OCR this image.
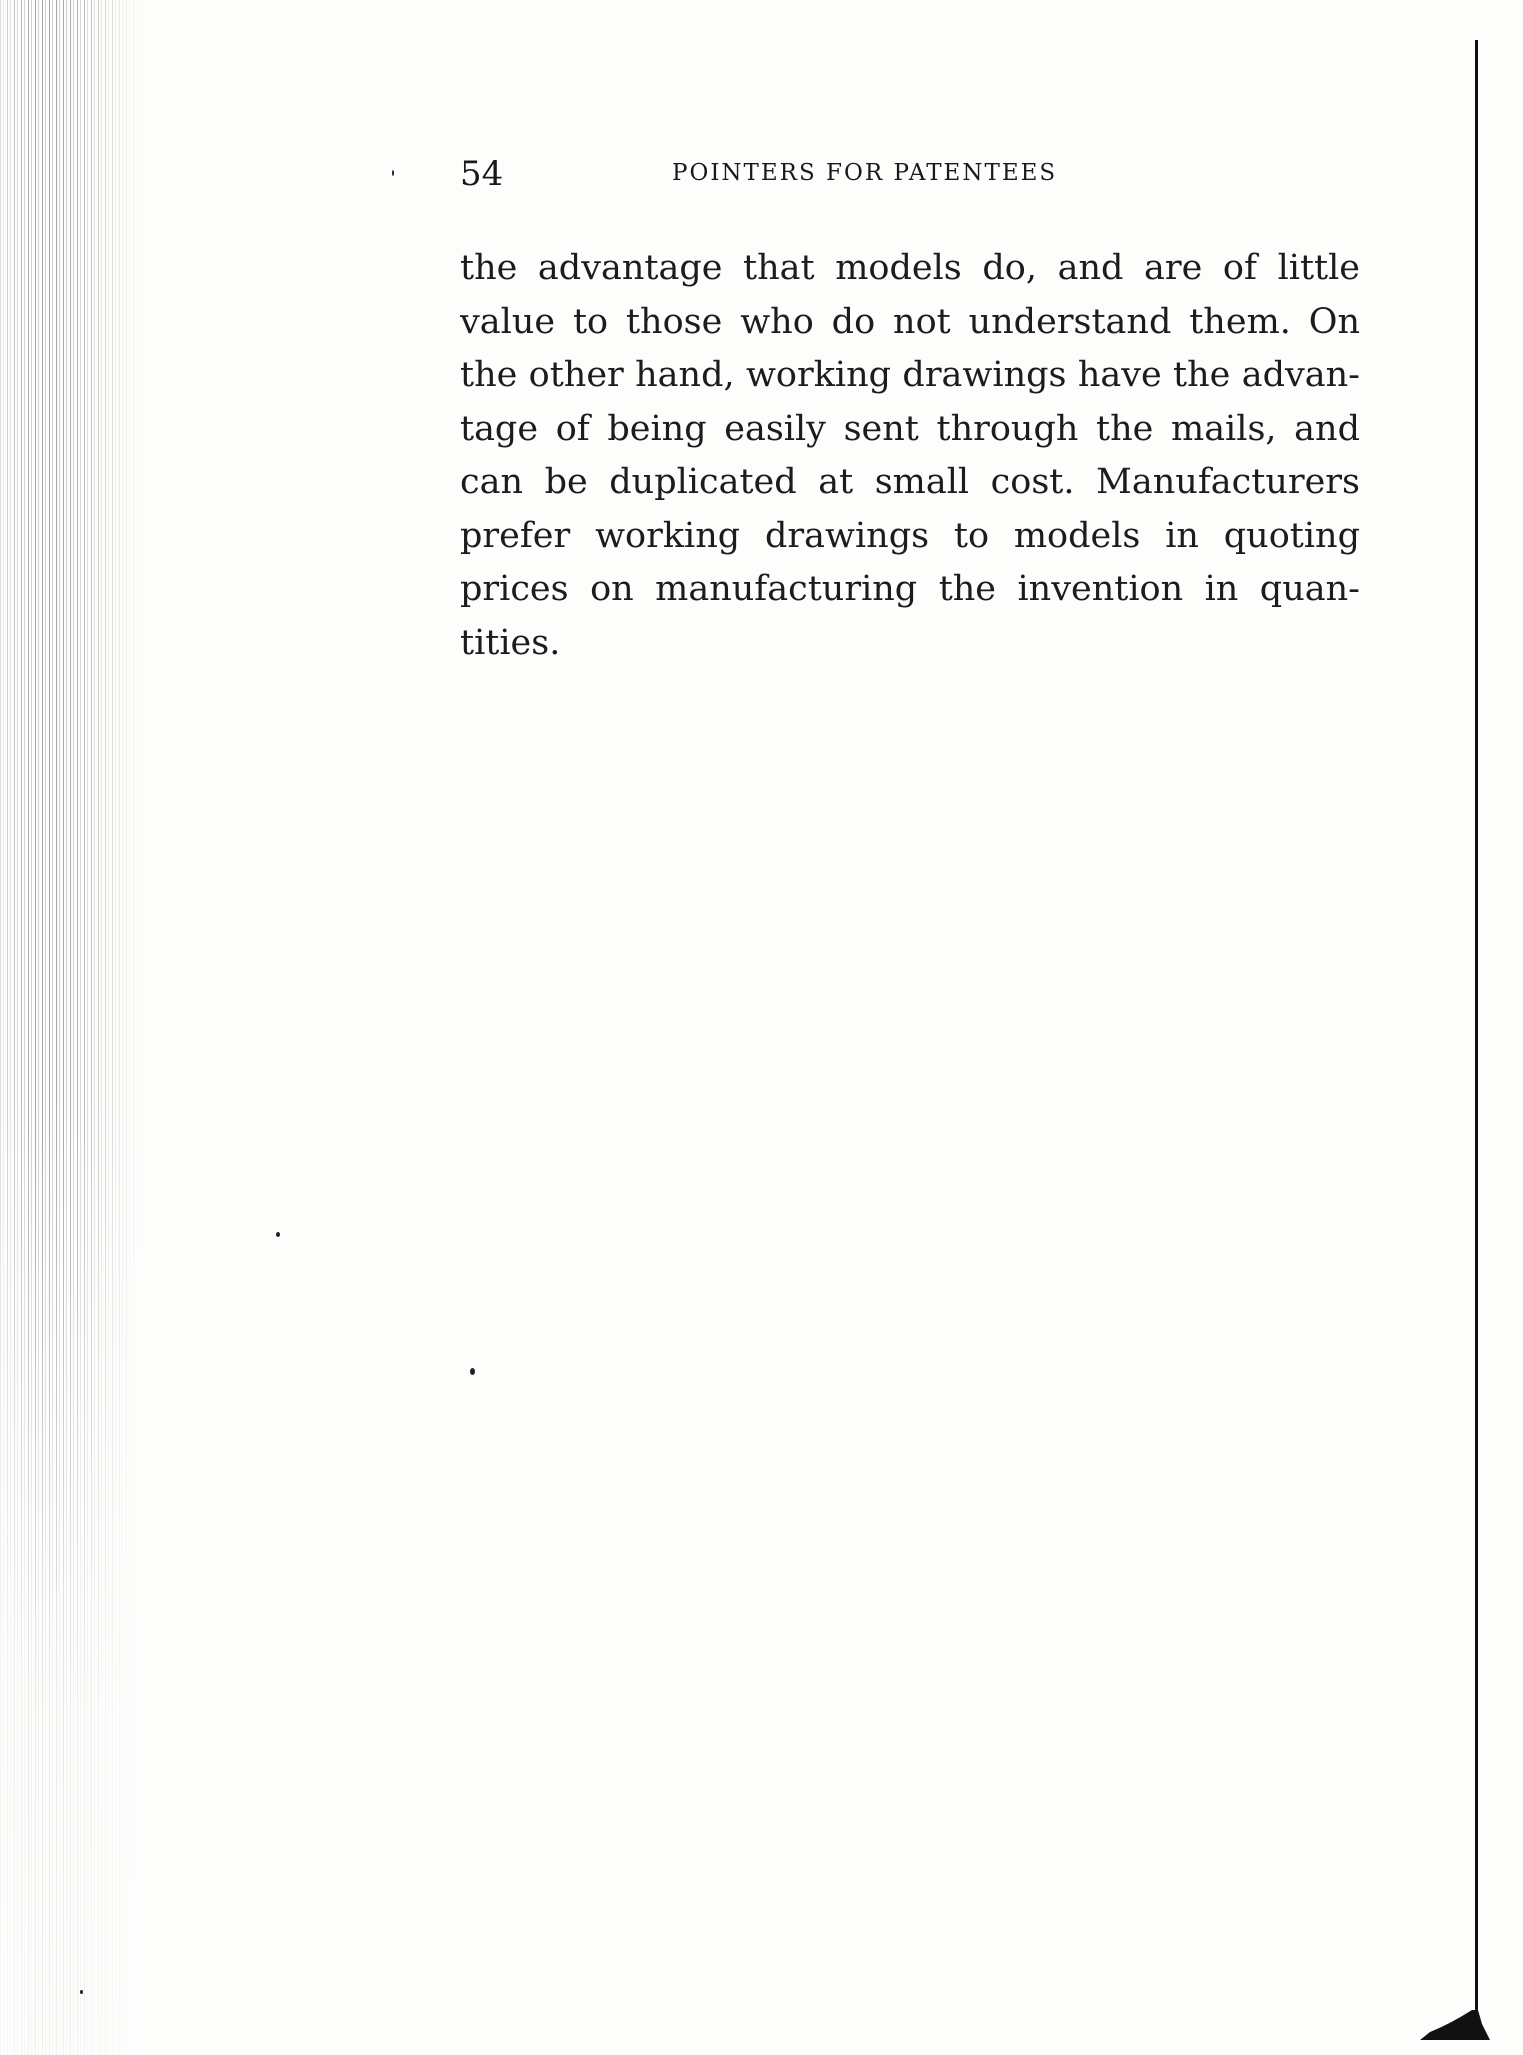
54	POINTERS FOR PATENTEES
the advantage that models do, and are of little
value to those who do not understand them. On
the other hand, working drawings have the advan-
tage of being easily sent through the mails, and
can be duplicated at small cost. Manufacturers
prefer working drawings to models in quoting
prices on manufacturing the invention in quan-
tities.
